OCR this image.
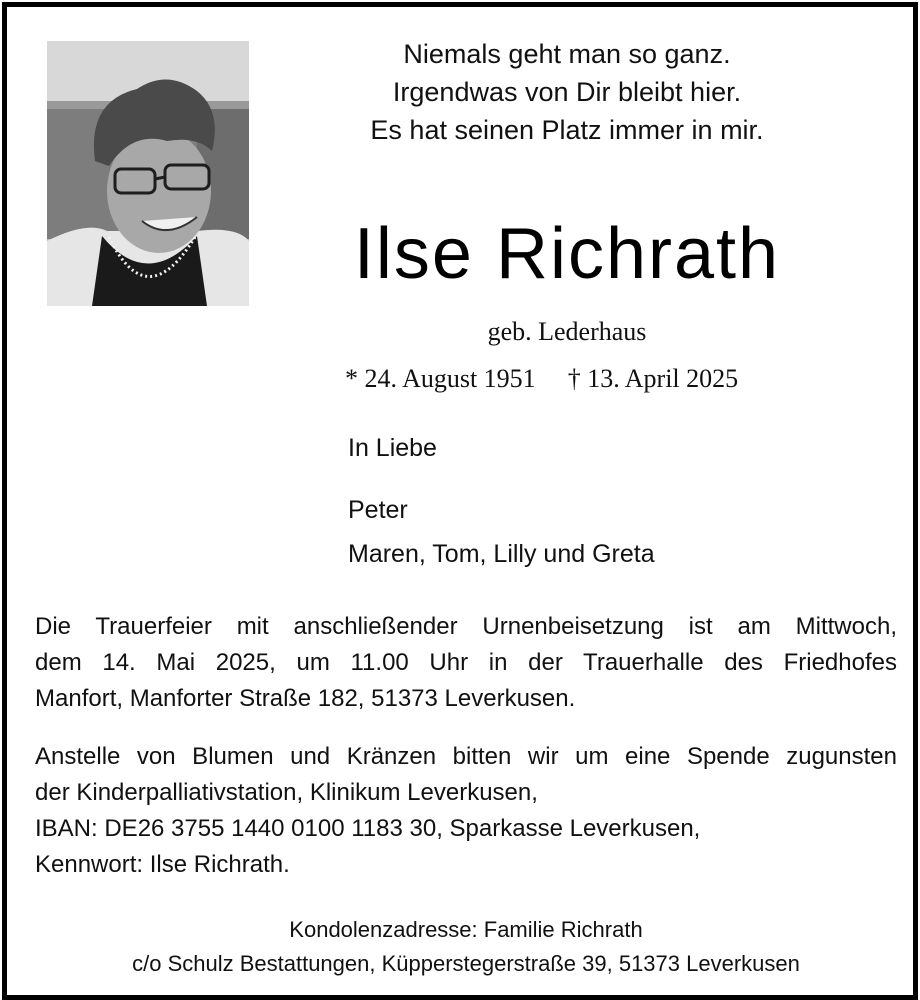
Niemals geht man so ganz.
Irgendwas von Dir bleibt hier.
Es hat seinen Platz immer in mir.
Ilse Richrath
geb. Lederhaus
* 24. August 1951 † 13. April 2025
In Liebe
Peter
Maren, Tom, Lilly und Greta
Die Trauerfeier mit anschließender Urnenbeisetzung ist am Mittwoch,
dem 14. Mai 2025, um 11.00 Uhr in der Trauerhalle des Friedhofes
Manfort, Manforter Straße 182, 51373 Leverkusen.
Anstelle von Blumen und Kränzen bitten wir um eine Spende zugunsten
der Kinderpalliativstation, Klinikum Leverkusen,
IBAN: DE26 3755 1440 0100 1183 30, Sparkasse Leverkusen,
Kennwort: Ilse Richrath.
Kondolenzadresse: Familie Richrath
c/o Schulz Bestattungen, Küpperstegerstraße 39, 51373 Leverkusen
